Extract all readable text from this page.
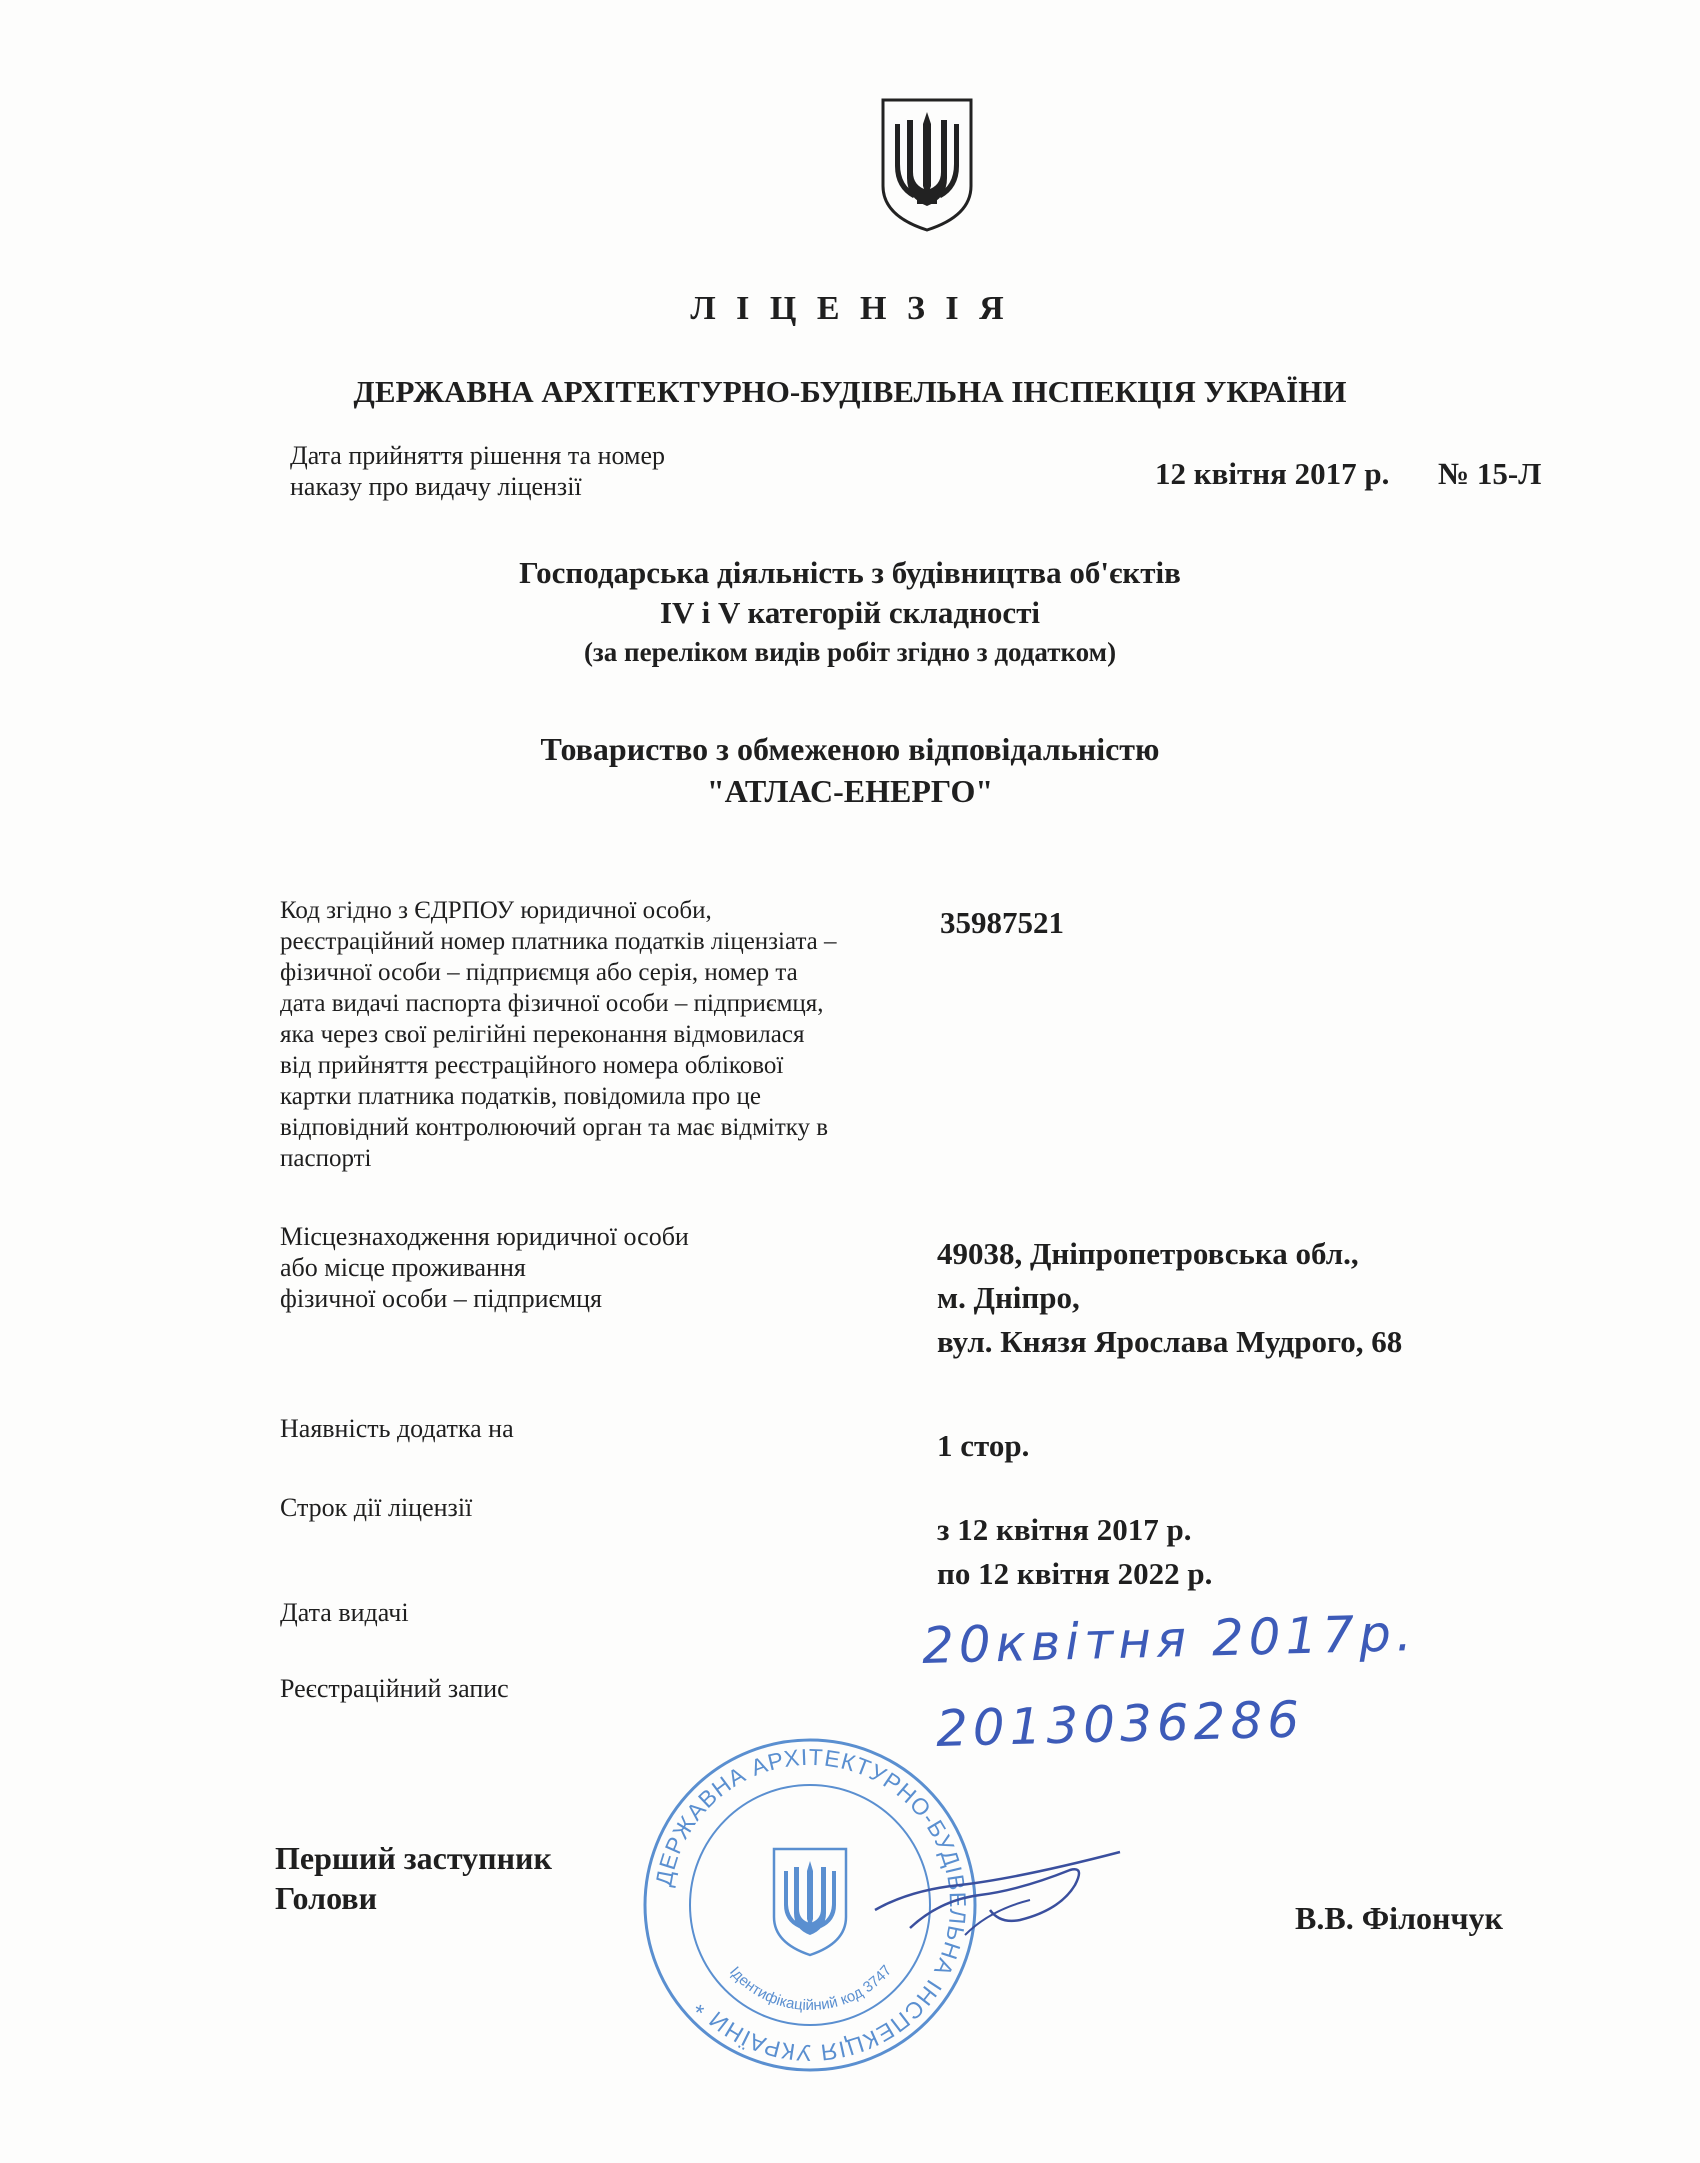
Л І Ц Е Н З І Я
ДЕРЖАВНА АРХІТЕКТУРНО-БУДІВЕЛЬНА ІНСПЕКЦІЯ УКРАЇНИ
Дата прийняття рішення та номер
наказу про видачу ліцензії	12 квітня 2017 р. № 15-Л
Господарська діяльність з будівництва об'єктів
IV і V категорій складності
(за переліком видів робіт згідно з додатком)
Товариство з обмеженою відповідальністю
"АТЛАС-ЕНЕРГО"

Код згідно з ЄДРПОУ юридичної особи,

реєстраційний номер платника податків ліцензіата –

фізичної особи – підприємця або серія, номер та

дата видачі паспорта фізичної особи – підприємця,

яка через свої релігійні переконання відмовилася

від прийняття реєстраційного номера облікової

картки платника податків, повідомила про це

відповідний контролюючий орган та має відмітку в

паспорті

35987521
Місцезнаходження юридичної особи
або місце проживання
фізичної особи – підприємця
49038, Дніпропетровська обл.,
м. Дніпро,
вул. Князя Ярослава Мудрого, 68
Наявність додатка на	1 стор.
Строк дії ліцензії
з 12 квітня 2017 р.
по 12 квітня 2022 р.
Дата видачі
Реєстраційний запис
20квітня 2017р.
2013036286
Перший заступник
Голови
В.В. Філончук
ДЕРЖАВНА АРХІТЕКТУРНО-БУДІВЕЛЬНА ІНСПЕКЦІЯ УКРАЇНИ *
Ідентифікаційний код 3747
